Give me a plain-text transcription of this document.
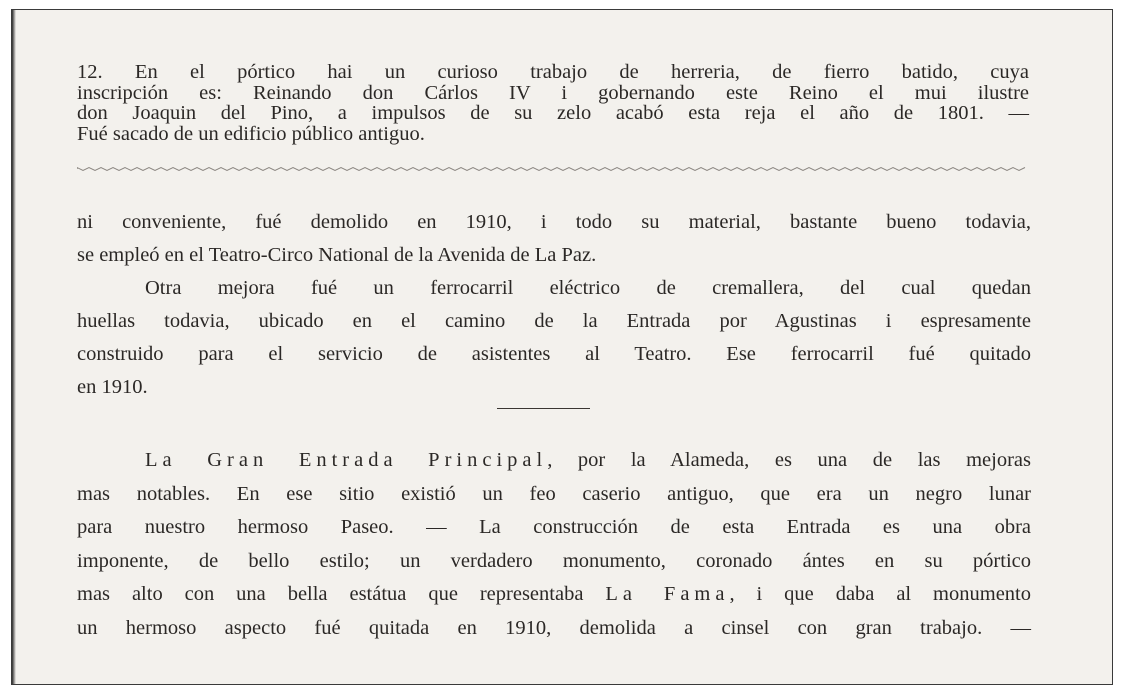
12. En el pórtico hai un curioso trabajo de herreria, de fierro batido, cuya
inscripción es: Reinando don Cárlos IV i gobernando este Reino el mui ilustre
don Joaquin del Pino, a impulsos de su zelo acabó esta reja el año de 1801. —
Fué sacado de un edificio público antiguo.
ni conveniente, fué demolido en 1910, i todo su material, bastante bueno todavia,
se empleó en el Teatro-Circo National de la Avenida de La Paz.
Otra mejora fué un ferrocarril eléctrico de cremallera, del cual quedan
huellas todavia, ubicado en el camino de la Entrada por Agustinas i espresamente
construido para el servicio de asistentes al Teatro. Ese ferrocarril fué quitado
en 1910.
La Gran Entrada Principal, por la Alameda, es una de las mejoras
mas notables. En ese sitio existió un feo caserio antiguo, que era un negro lunar
para nuestro hermoso Paseo. — La construcción de esta Entrada es una obra
imponente, de bello estilo; un verdadero monumento, coronado ántes en su pórtico
mas alto con una bella estátua que representaba La Fama, i que daba al monumento
un hermoso aspecto fué quitada en 1910, demolida a cinsel con gran trabajo. —
